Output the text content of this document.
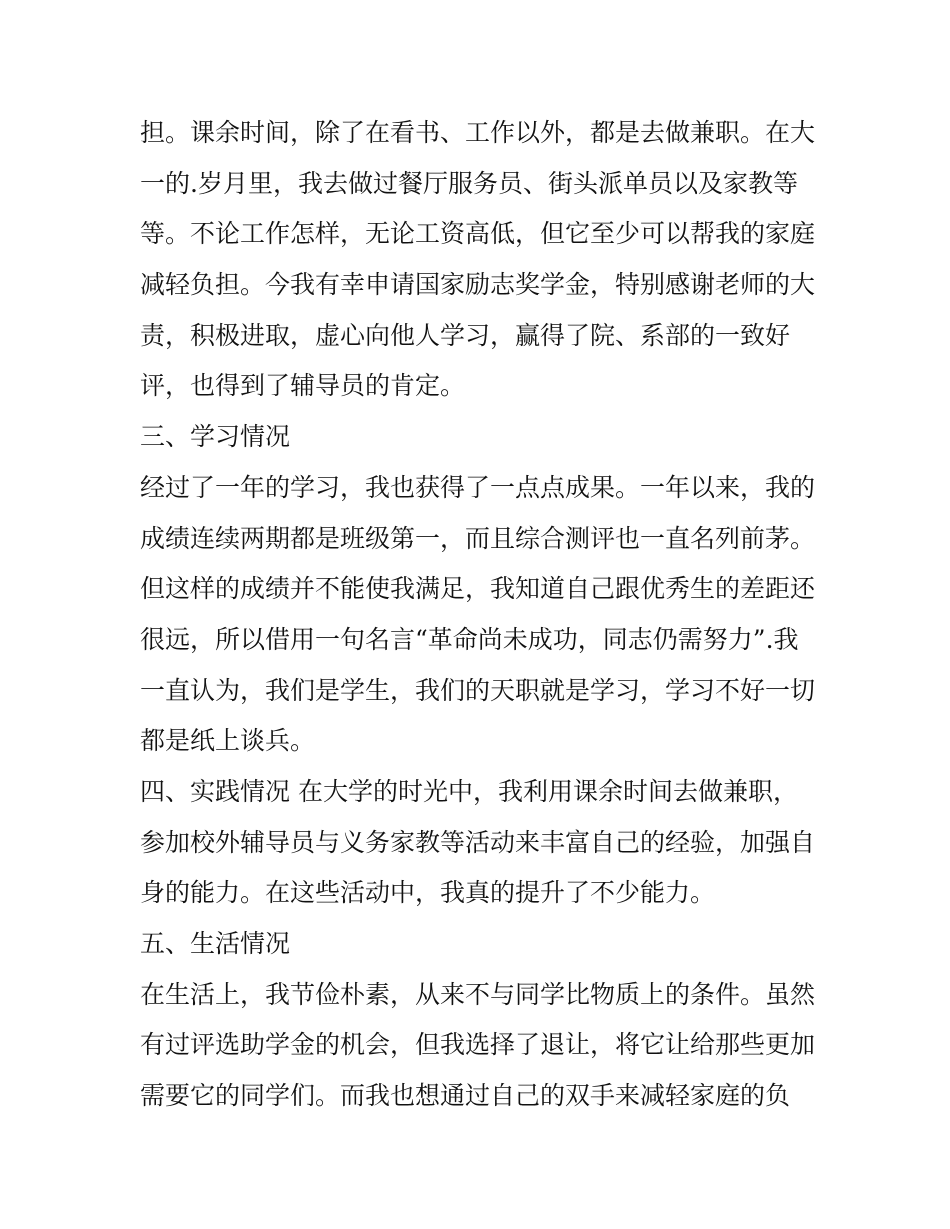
担。课余时间，除了在看书、工作以外，都是去做兼职。在大
一的.岁月里，我去做过餐厅服务员、街头派单员以及家教等
等。不论工作怎样，无论工资高低，但它至少可以帮我的家庭
减轻负担。今我有幸申请国家励志奖学金，特别感谢老师的大
责，积极进取，虚心向他人学习，赢得了院、系部的一致好
评，也得到了辅导员的肯定。
三、学习情况
经过了一年的学习，我也获得了一点点成果。一年以来，我的
成绩连续两期都是班级第一，而且综合测评也一直名列前茅。
但这样的成绩并不能使我满足，我知道自己跟优秀生的差距还
很远，所以借用一句名言“革命尚未成功，同志仍需努力”.我
一直认为，我们是学生，我们的天职就是学习，学习不好一切
都是纸上谈兵。
四、实践情况 在大学的时光中，我利用课余时间去做兼职，
参加校外辅导员与义务家教等活动来丰富自己的经验，加强自
身的能力。在这些活动中，我真的提升了不少能力。
五、生活情况
在生活上，我节俭朴素，从来不与同学比物质上的条件。虽然
有过评选助学金的机会，但我选择了退让，将它让给那些更加
需要它的同学们。而我也想通过自己的双手来减轻家庭的负
